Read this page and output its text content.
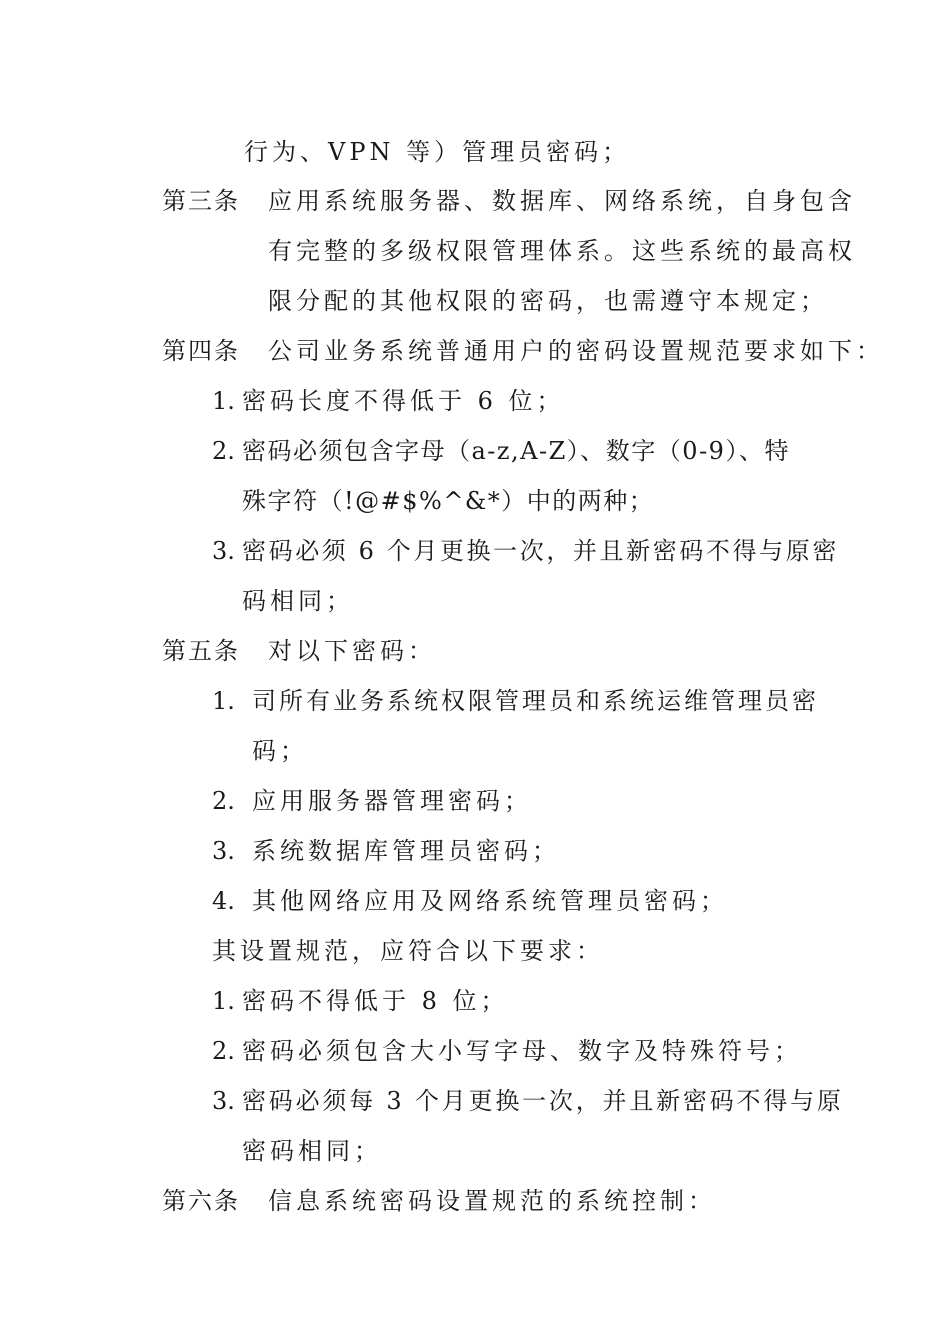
行为、VPN 等）管理员密码；
第三条 应用系统服务器、数据库、网络系统，自身包含
有完整的多级权限管理体系。这些系统的最高权
限分配的其他权限的密码，也需遵守本规定；
第四条 公司业务系统普通用户的密码设置规范要求如下：
1. 密码长度不得低于 6 位；
2. 密码必须包含字母（a-z,A-Z）、数字（0-9）、特
殊字符（!@#$%^&*）中的两种；
3. 密码必须 6 个月更换一次，并且新密码不得与原密
码相同；
第五条 对以下密码：
1. 司所有业务系统权限管理员和系统运维管理员密
码；
2. 应用服务器管理密码；
3. 系统数据库管理员密码；
4. 其他网络应用及网络系统管理员密码；
其设置规范，应符合以下要求：
1. 密码不得低于 8 位；
2. 密码必须包含大小写字母、数字及特殊符号；
3. 密码必须每 3 个月更换一次，并且新密码不得与原
密码相同；
第六条 信息系统密码设置规范的系统控制：
